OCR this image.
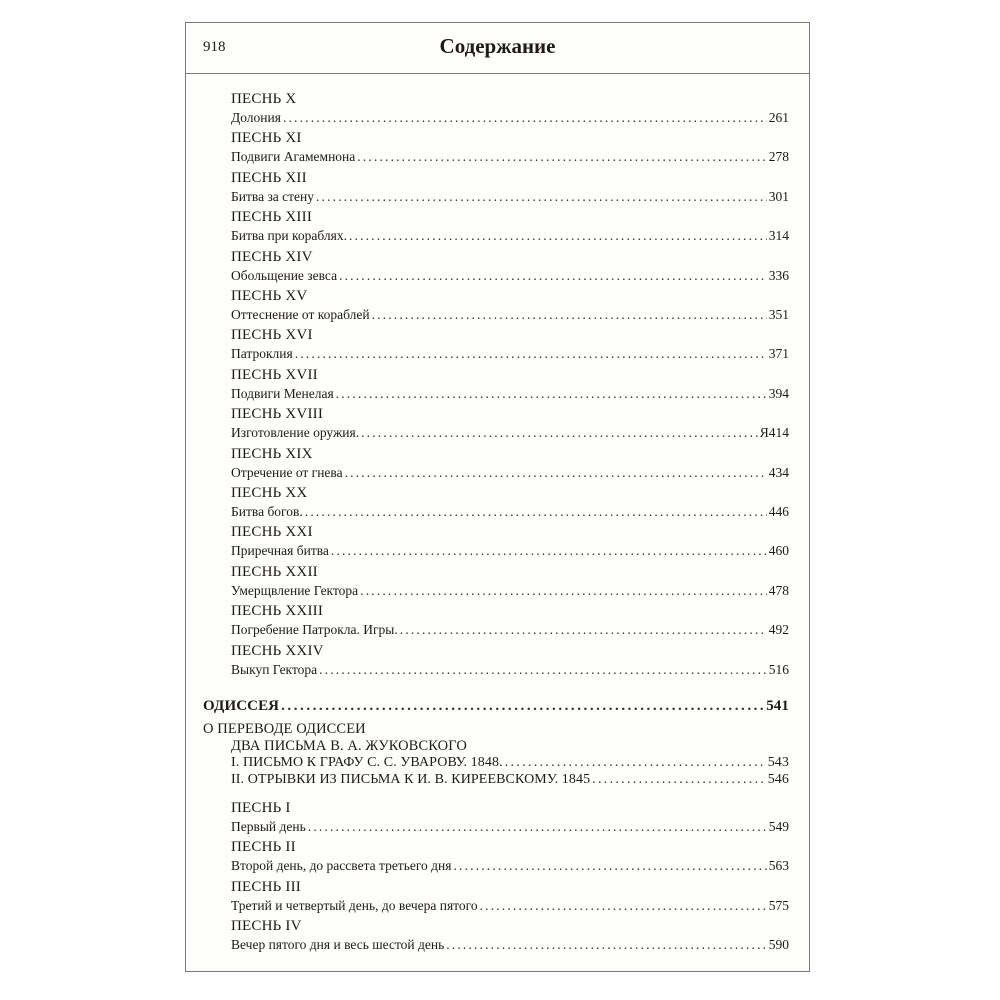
918	Содержание
ПЕСНЬ X
Долония . . .	261
ПЕСНЬ XI
Подвиги Агамемнона . . .	278
ПЕСНЬ XII
Битва за стену . . .	301
ПЕСНЬ XIII
Битва при кораблях. . . .	314
ПЕСНЬ XIV
Обольщение зевса . . .	336
ПЕСНЬ XV
Оттеснение от кораблей . . .	351
ПЕСНЬ XVI
Патроклия . . .	371
ПЕСНЬ XVII
Подвиги Менелая . . .	394
ПЕСНЬ XVIII
Изготовление оружия. . . .	Я414
ПЕСНЬ XIX
Отречение от гнева . . .	434
ПЕСНЬ XX
Битва богов. . . .	446
ПЕСНЬ XXI
Приречная битва . . .	460
ПЕСНЬ XXII
Умерщвление Гектора . . .	478
ПЕСНЬ XXIII
Погребение Патрокла. Игры. . . .	492
ПЕСНЬ XXIV
Выкуп Гектора . . .	516
ОДИССЕЯ . . .	541
О ПЕРЕВОДЕ ОДИССЕИ
ДВА ПИСЬМА В. А. ЖУКОВСКОГО
I. ПИСЬМО К ГРАФУ С. С. УВАРОВУ. 1848. . . .	543
II. ОТРЫВКИ ИЗ ПИСЬМА К И. В. КИРЕЕВСКОМУ. 1845 . . .	546
ПЕСНЬ I
Первый день . . .	549
ПЕСНЬ II
Второй день, до рассвета третьего дня . . .	563
ПЕСНЬ III
Третий и четвертый день, до вечера пятого . . .	575
ПЕСНЬ IV
Вечер пятого дня и весь шестой день . . .	590
